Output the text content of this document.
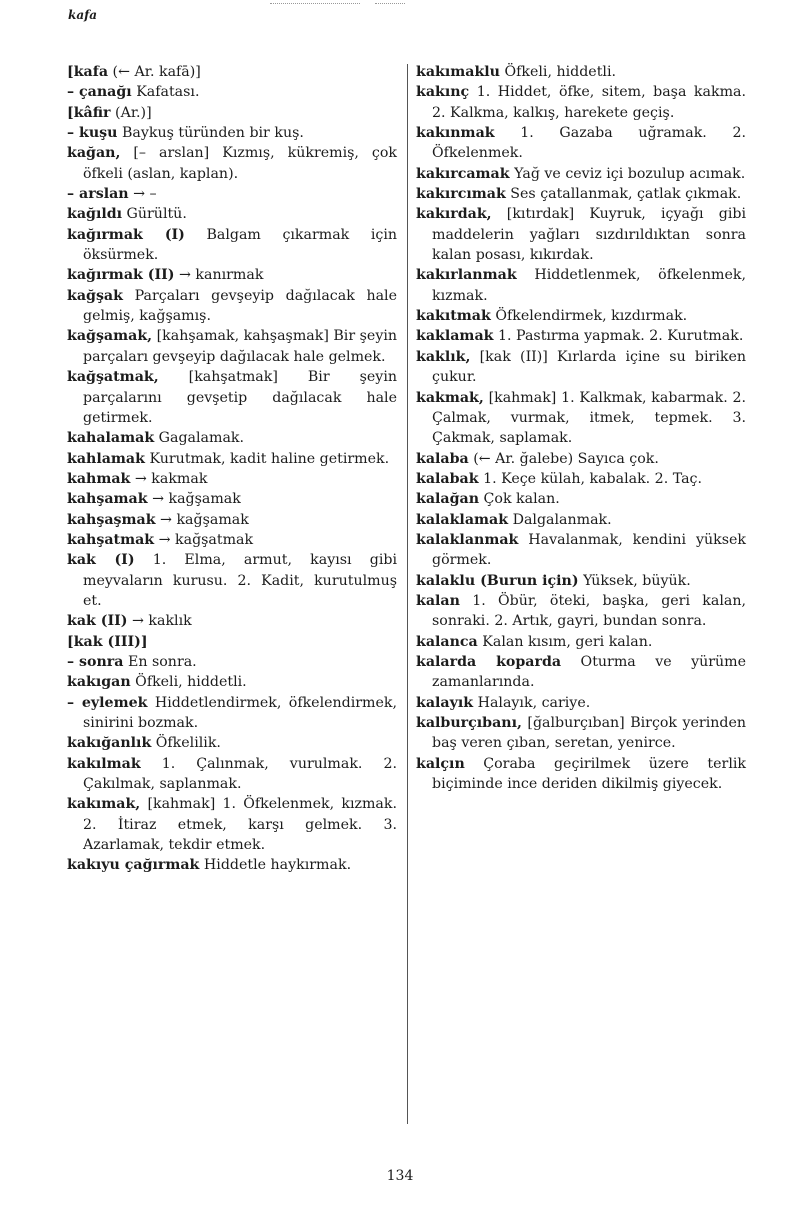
kafa
[kafa (← Ar. kafā)]
– çanağı Kafatası.
[kâfir (Ar.)]
– kuşu Baykuş türünden bir kuş.
kağan, [– arslan] Kızmış, kükremiş, çok öfkeli (aslan, kaplan).
– arslan → –
kağıldı Gürültü.
kağırmak (I) Balgam çıkarmak için öksürmek.
kağırmak (II) → kanırmak
kağşak Parçaları gevşeyip dağılacak hale gelmiş, kağşamış.
kağşamak, [kahşamak, kahşaşmak] Bir şeyin parçaları gevşeyip dağılacak hale gelmek.
kağşatmak, [kahşatmak] Bir şeyin parçalarını gevşetip dağılacak hale getirmek.
kahalamak Gagalamak.
kahlamak Kurutmak, kadit haline getirmek.
kahmak → kakmak
kahşamak → kağşamak
kahşaşmak → kağşamak
kahşatmak → kağşatmak
kak (I) 1. Elma, armut, kayısı gibi meyvaların kurusu. 2. Kadit, kurutulmuş et.
kak (II) → kaklık
[kak (III)]
– sonra En sonra.
kakıgan Öfkeli, hiddetli.
– eylemek Hiddetlendirmek, öfkelendirmek, sinirini bozmak.
kakığanlık Öfkelilik.
kakılmak 1. Çalınmak, vurulmak. 2. Çakılmak, saplanmak.
kakımak, [kahmak] 1. Öfkelenmek, kızmak. 2. İtiraz etmek, karşı gelmek. 3. Azarlamak, tekdir etmek.
kakıyu çağırmak Hiddetle haykırmak.
kakımaklu Öfkeli, hiddetli.
kakınç 1. Hiddet, öfke, sitem, başa kakma. 2. Kalkma, kalkış, harekete geçiş.
kakınmak 1. Gazaba uğramak. 2. Öfkelenmek.
kakırcamak Yağ ve ceviz içi bozulup acımak.
kakırcımak Ses çatallanmak, çatlak çıkmak.
kakırdak, [kıtırdak] Kuyruk, içyağı gibi maddelerin yağları sızdırıldıktan sonra kalan posası, kıkırdak.
kakırlanmak Hiddetlenmek, öfkelenmek, kızmak.
kakıtmak Öfkelendirmek, kızdırmak.
kaklamak 1. Pastırma yapmak. 2. Kurutmak.
kaklık, [kak (II)] Kırlarda içine su biriken çukur.
kakmak, [kahmak] 1. Kalkmak, kabarmak. 2. Çalmak, vurmak, itmek, tepmek. 3. Çakmak, saplamak.
kalaba (← Ar. ğalebe) Sayıca çok.
kalabak 1. Keçe külah, kabalak. 2. Taç.
kalağan Çok kalan.
kalaklamak Dalgalanmak.
kalaklanmak Havalanmak, kendini yüksek görmek.
kalaklu (Burun için) Yüksek, büyük.
kalan 1. Öbür, öteki, başka, geri kalan, sonraki. 2. Artık, gayri, bundan sonra.
kalanca Kalan kısım, geri kalan.
kalarda koparda Oturma ve yürüme zamanlarında.
kalayık Halayık, cariye.
kalburçıbanı, [ğalburçıban] Birçok yerinden baş veren çıban, seretan, yenirce.
kalçın Çoraba geçirilmek üzere terlik biçiminde ince deriden dikilmiş giyecek.
134
